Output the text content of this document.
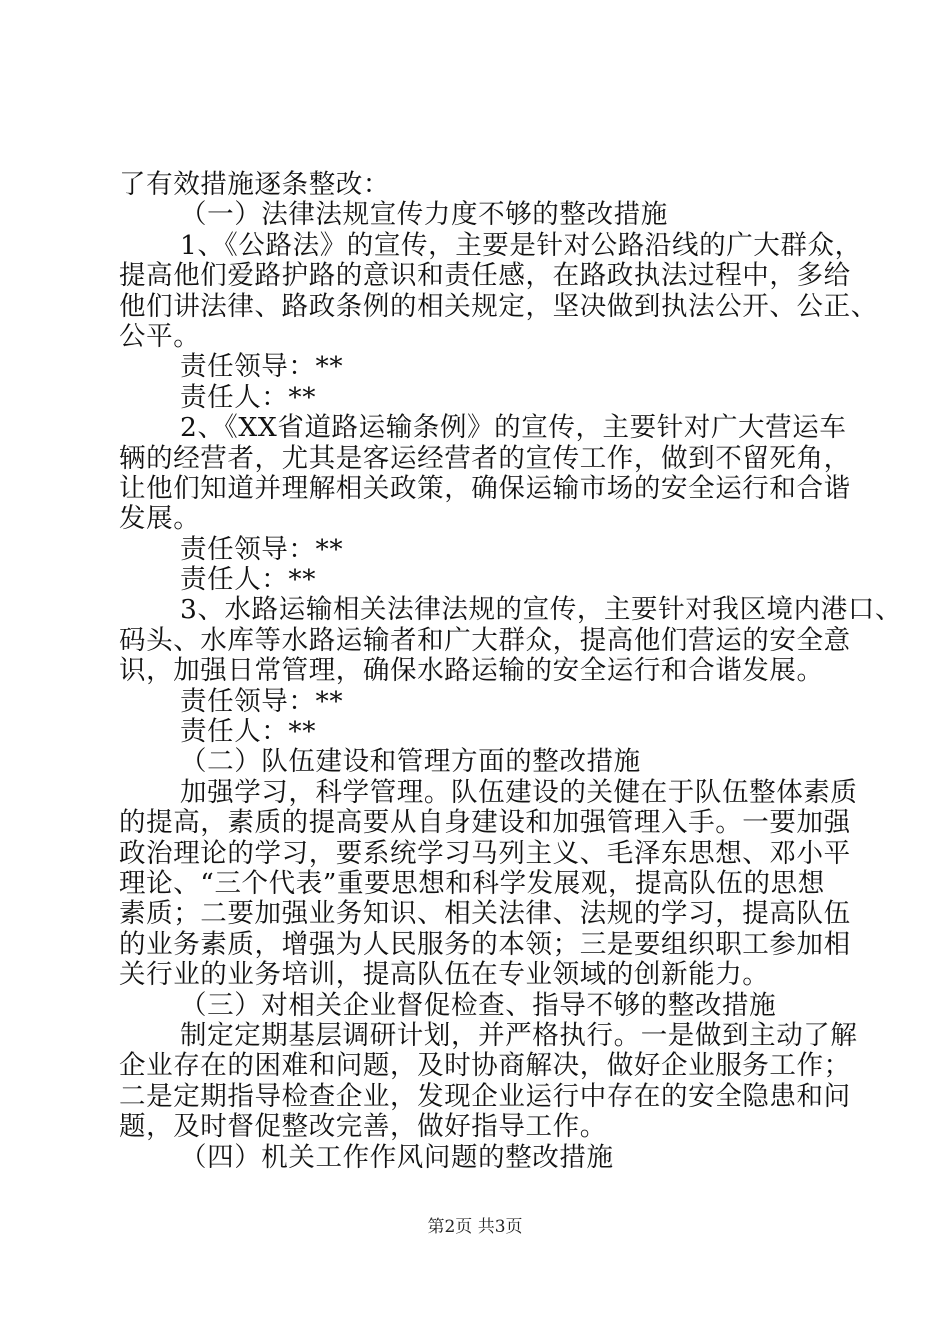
了有效措施逐条整改：
（一）法律法规宣传力度不够的整改措施
1、《公路法》的宣传，主要是针对公路沿线的广大群众，
提高他们爱路护路的意识和责任感，在路政执法过程中，多给
他们讲法律、路政条例的相关规定，坚决做到执法公开、公正、
公平。
责任领导：**
责任人：**
2、《XX省道路运输条例》的宣传，主要针对广大营运车
辆的经营者，尤其是客运经营者的宣传工作，做到不留死角，
让他们知道并理解相关政策，确保运输市场的安全运行和合谐
发展。
责任领导：**
责任人：**
3、水路运输相关法律法规的宣传，主要针对我区境内港口、
码头、水库等水路运输者和广大群众，提高他们营运的安全意
识，加强日常管理，确保水路运输的安全运行和合谐发展。
责任领导：**
责任人：**
（二）队伍建设和管理方面的整改措施
加强学习，科学管理。队伍建设的关健在于队伍整体素质
的提高，素质的提高要从自身建设和加强管理入手。一要加强
政治理论的学习，要系统学习马列主义、毛泽东思想、邓小平
理论、“三个代表”重要思想和科学发展观，提高队伍的思想
素质；二要加强业务知识、相关法律、法规的学习，提高队伍
的业务素质，增强为人民服务的本领；三是要组织职工参加相
关行业的业务培训，提高队伍在专业领域的创新能力。
（三）对相关企业督促检查、指导不够的整改措施
制定定期基层调研计划，并严格执行。一是做到主动了解
企业存在的困难和问题，及时协商解决，做好企业服务工作；
二是定期指导检查企业，发现企业运行中存在的安全隐患和问
题，及时督促整改完善，做好指导工作。
（四）机关工作作风问题的整改措施
第2页 共3页
